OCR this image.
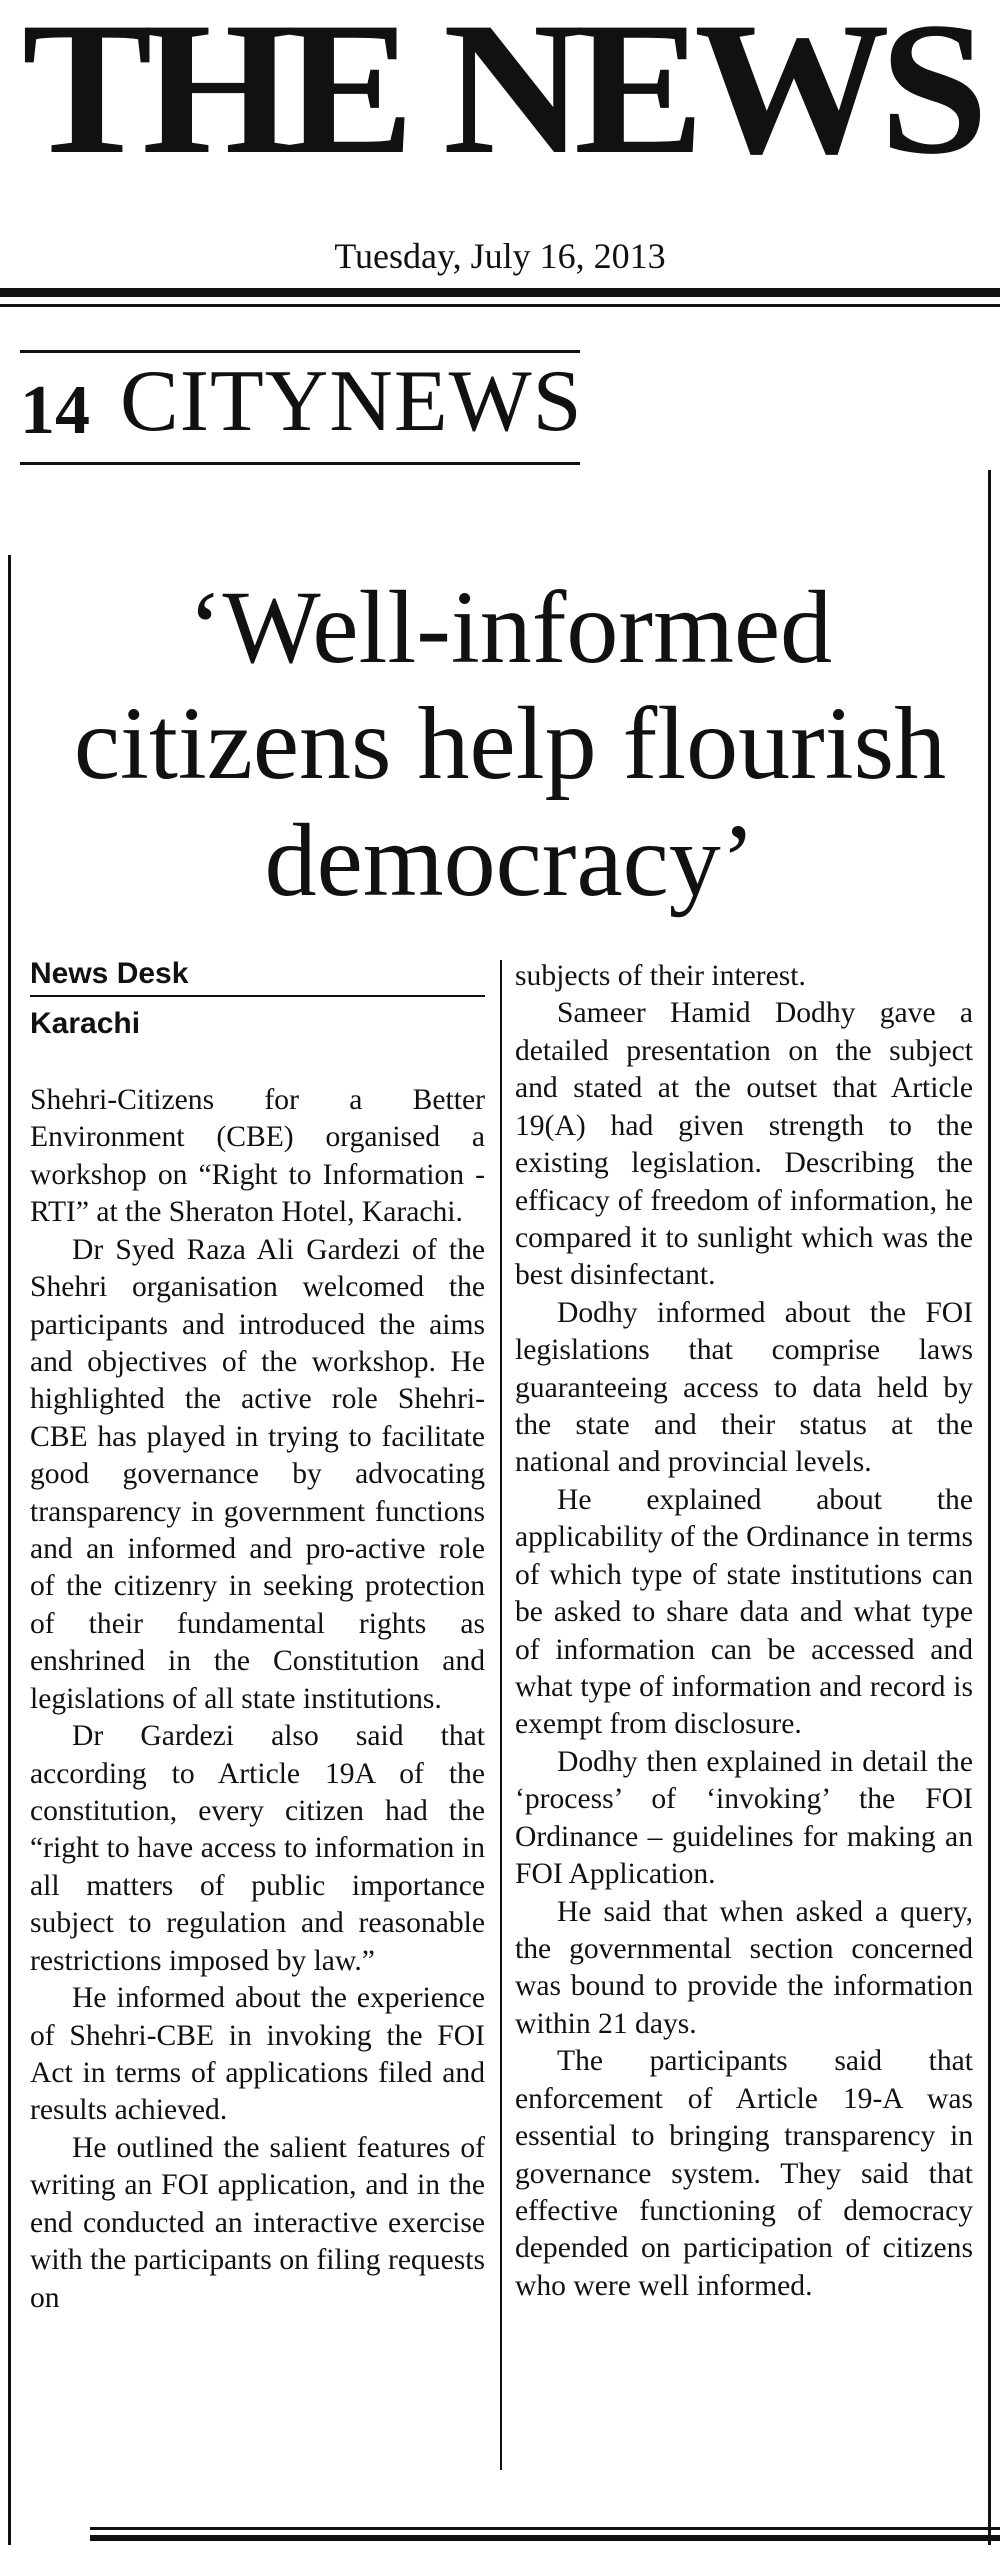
THE NEWS
Tuesday, July 16, 2013
14 CITYNEWS
‘Well-informed citizens help flourish democracy’
News Desk
Karachi

Shehri-Citizens for a Better Environment (CBE) organised a workshop on “Right to Information - RTI” at the Sheraton Hotel, Karachi.

Dr Syed Raza Ali Gardezi of the Shehri organisation welcomed the participants and introduced the aims and objectives of the workshop. He highlighted the active role Shehri-CBE has played in trying to facilitate good governance by advocating transparency in government functions and an informed and pro-active role of the citizenry in seeking protection of their fundamental rights as enshrined in the Constitution and legislations of all state institutions.

Dr Gardezi also said that according to Article 19A of the constitution, every citizen had the “right to have access to information in all matters of public importance subject to regulation and reasonable restrictions imposed by law.”

He informed about the experience of Shehri-CBE in invoking the FOI Act in terms of applications filed and results achieved.

He outlined the salient features of writing an FOI application, and in the end conducted an interactive exercise with the participants on filing requests on

subjects of their interest.

Sameer Hamid Dodhy gave a detailed presentation on the subject and stated at the outset that Article 19(A) had given strength to the existing legislation. Describing the efficacy of freedom of information, he compared it to sunlight which was the best disinfectant.

Dodhy informed about the FOI legislations that comprise laws guaranteeing access to data held by the state and their status at the national and provincial levels.

He explained about the applicability of the Ordinance in terms of which type of state institutions can be asked to share data and what type of information can be accessed and what type of information and record is exempt from disclosure.

Dodhy then explained in detail the ‘process’ of ‘invoking’ the FOI Ordinance – guidelines for making an FOI Application.

He said that when asked a query, the governmental section concerned was bound to provide the information within 21 days.

The participants said that enforcement of Article 19-A was essential to bringing transparency in governance system. They said that effective functioning of democracy depended on participation of citizens who were well informed.
